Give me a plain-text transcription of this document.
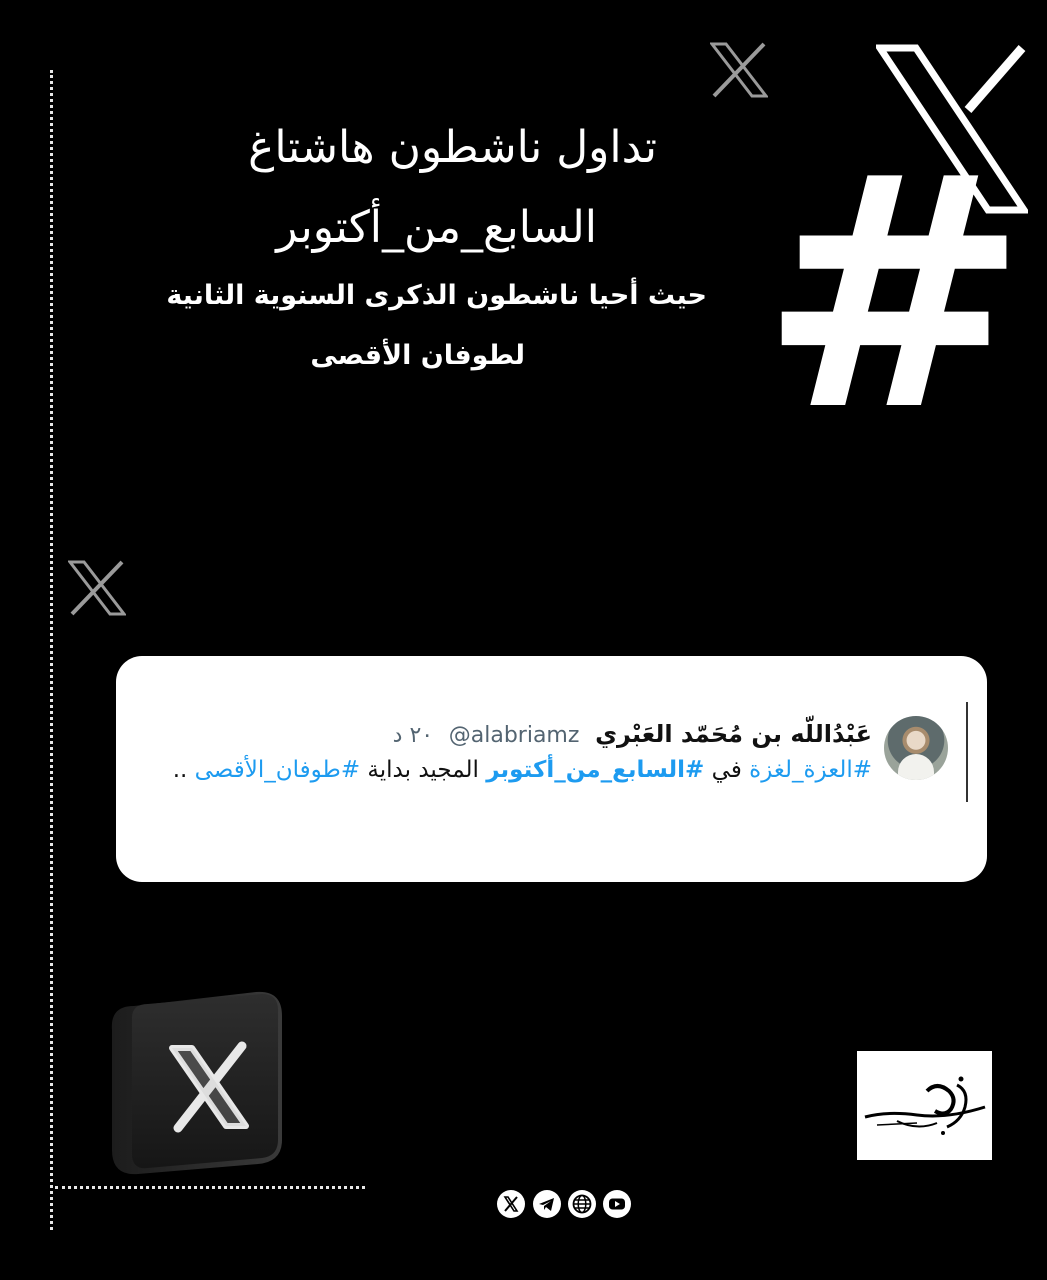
#
تداول ناشطون هاشتاغ
السابع_من_أكتوبر
حيث أحيا ناشطون الذكرى السنوية الثانية
لطوفان الأقصى
عَبْدُاللّه بن مُحَمّد العَبْري @alabriamz ٢٠ د
#العزة_لغزة في #السابع_من_أكتوبر المجيد بداية #طوفان_الأقصى ..
